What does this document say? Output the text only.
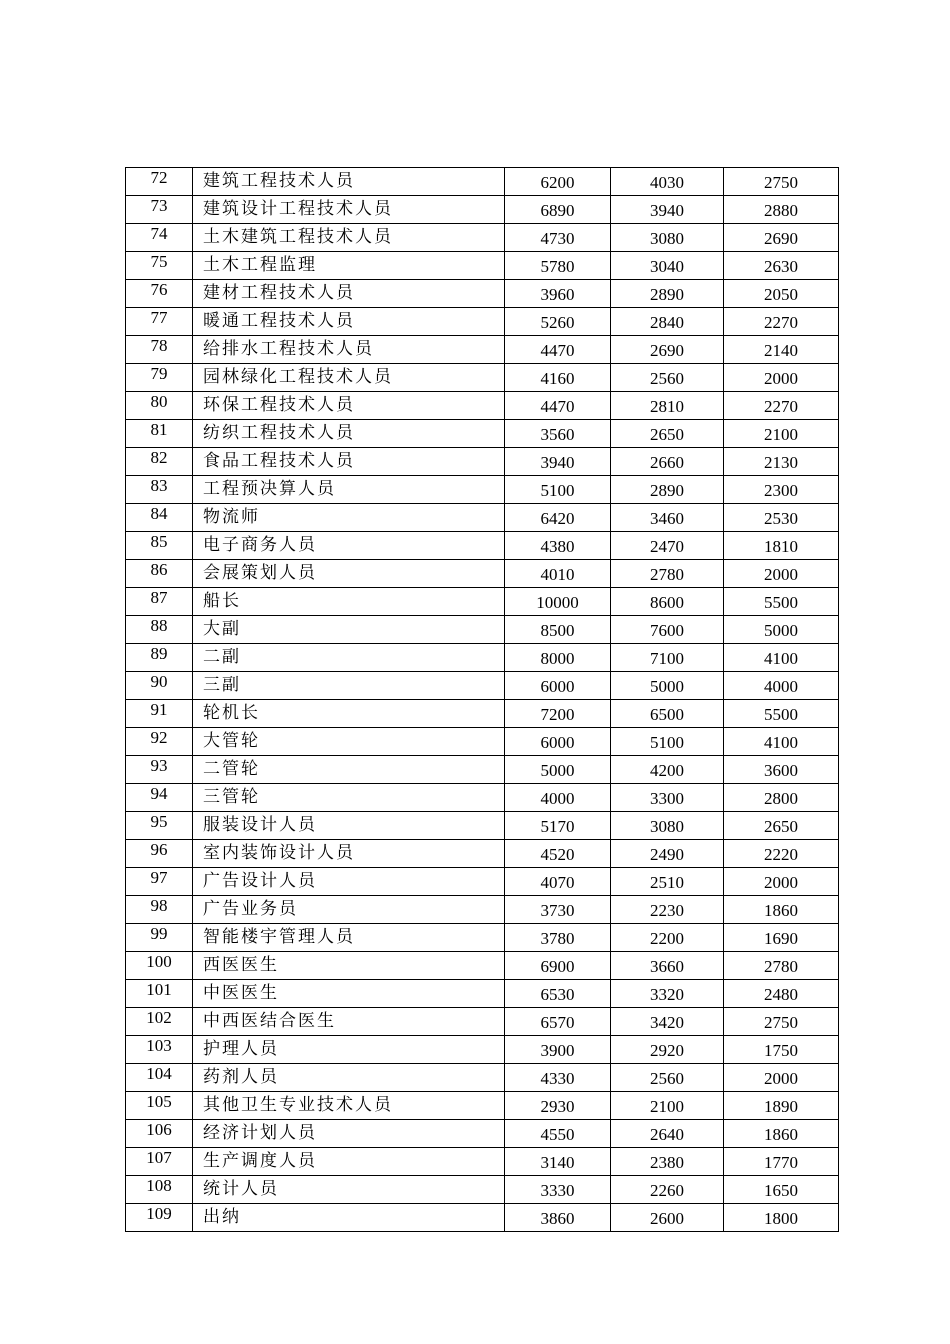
72	建筑工程技术人员	6200	4030	2750
73	建筑设计工程技术人员	6890	3940	2880
74	土木建筑工程技术人员	4730	3080	2690
75	土木工程监理	5780	3040	2630
76	建材工程技术人员	3960	2890	2050
77	暖通工程技术人员	5260	2840	2270
78	给排水工程技术人员	4470	2690	2140
79	园林绿化工程技术人员	4160	2560	2000
80	环保工程技术人员	4470	2810	2270
81	纺织工程技术人员	3560	2650	2100
82	食品工程技术人员	3940	2660	2130
83	工程预决算人员	5100	2890	2300
84	物流师	6420	3460	2530
85	电子商务人员	4380	2470	1810
86	会展策划人员	4010	2780	2000
87	船长	10000	8600	5500
88	大副	8500	7600	5000
89	二副	8000	7100	4100
90	三副	6000	5000	4000
91	轮机长	7200	6500	5500
92	大管轮	6000	5100	4100
93	二管轮	5000	4200	3600
94	三管轮	4000	3300	2800
95	服装设计人员	5170	3080	2650
96	室内装饰设计人员	4520	2490	2220
97	广告设计人员	4070	2510	2000
98	广告业务员	3730	2230	1860
99	智能楼宇管理人员	3780	2200	1690
100	西医医生	6900	3660	2780
101	中医医生	6530	3320	2480
102	中西医结合医生	6570	3420	2750
103	护理人员	3900	2920	1750
104	药剂人员	4330	2560	2000
105	其他卫生专业技术人员	2930	2100	1890
106	经济计划人员	4550	2640	1860
107	生产调度人员	3140	2380	1770
108	统计人员	3330	2260	1650
109	出纳	3860	2600	1800
